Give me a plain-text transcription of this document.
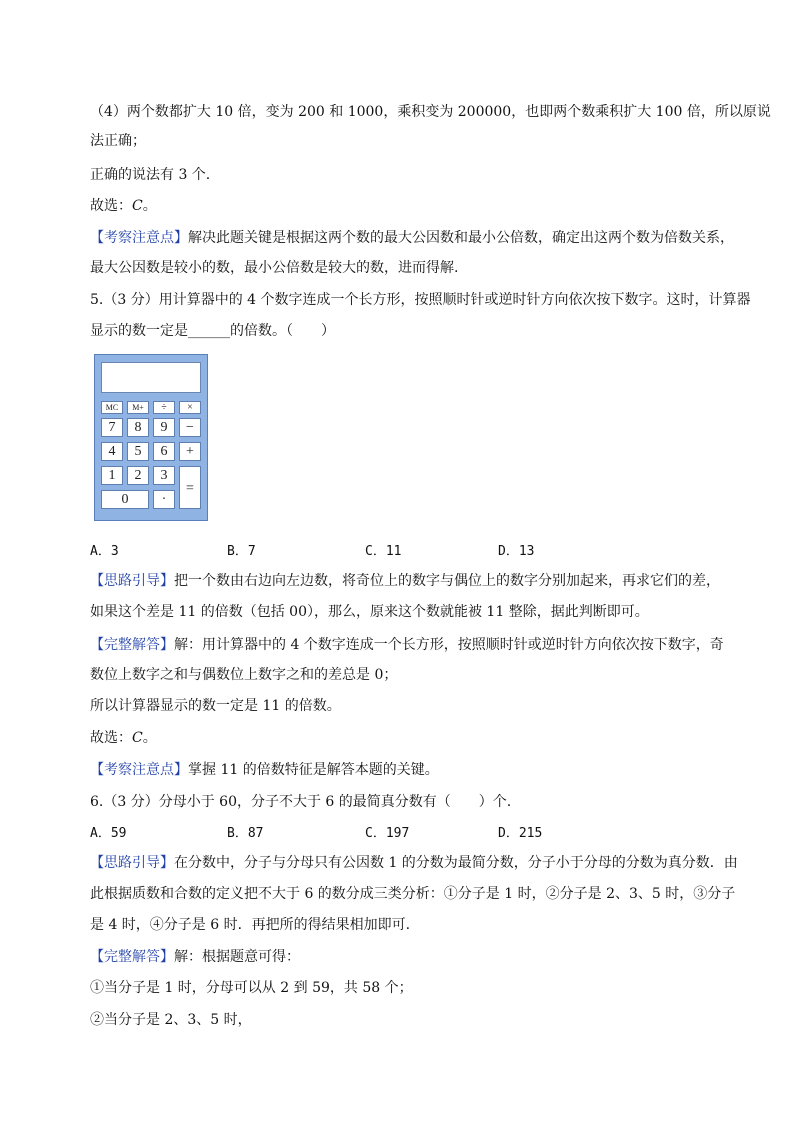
（4）两个数都扩大 10 倍，变为 200 和 1000，乘积变为 200000，也即两个数乘积扩大 100 倍，所以原说
法正确；
正确的说法有 3 个.
故选：C。
【考察注意点】解决此题关键是根据这两个数的最大公因数和最小公倍数，确定出这两个数为倍数关系，
最大公因数是较小的数，最小公倍数是较大的数，进而得解.
5.（3 分）用计算器中的 4 个数字连成一个长方形，按照顺时针或逆时针方向依次按下数字。这时，计算器
显示的数一定是______的倍数。（　　）
MC	M+	÷	×
7	8	9	−
4	5	6	+
1	2	3
=
0	·
A．3	B．7	C．11	D．13
【思路引导】把一个数由右边向左边数，将奇位上的数字与偶位上的数字分别加起来，再求它们的差，
如果这个差是 11 的倍数（包括 00），那么，原来这个数就能被 11 整除，据此判断即可。
【完整解答】解：用计算器中的 4 个数字连成一个长方形，按照顺时针或逆时针方向依次按下数字，奇
数位上数字之和与偶数位上数字之和的差总是 0；
所以计算器显示的数一定是 11 的倍数。
故选：C。
【考察注意点】掌握 11 的倍数特征是解答本题的关键。
6.（3 分）分母小于 60，分子不大于 6 的最简真分数有（　　）个.
A．59	B．87	C．197	D．215
【思路引导】在分数中，分子与分母只有公因数 1 的分数为最简分数，分子小于分母的分数为真分数．由
此根据质数和合数的定义把不大于 6 的数分成三类分析：①分子是 1 时，②分子是 2、3、5 时，③分子
是 4 时，④分子是 6 时．再把所的得结果相加即可.
【完整解答】解：根据题意可得：
①当分子是 1 时，分母可以从 2 到 59，共 58 个；
②当分子是 2、3、5 时，
